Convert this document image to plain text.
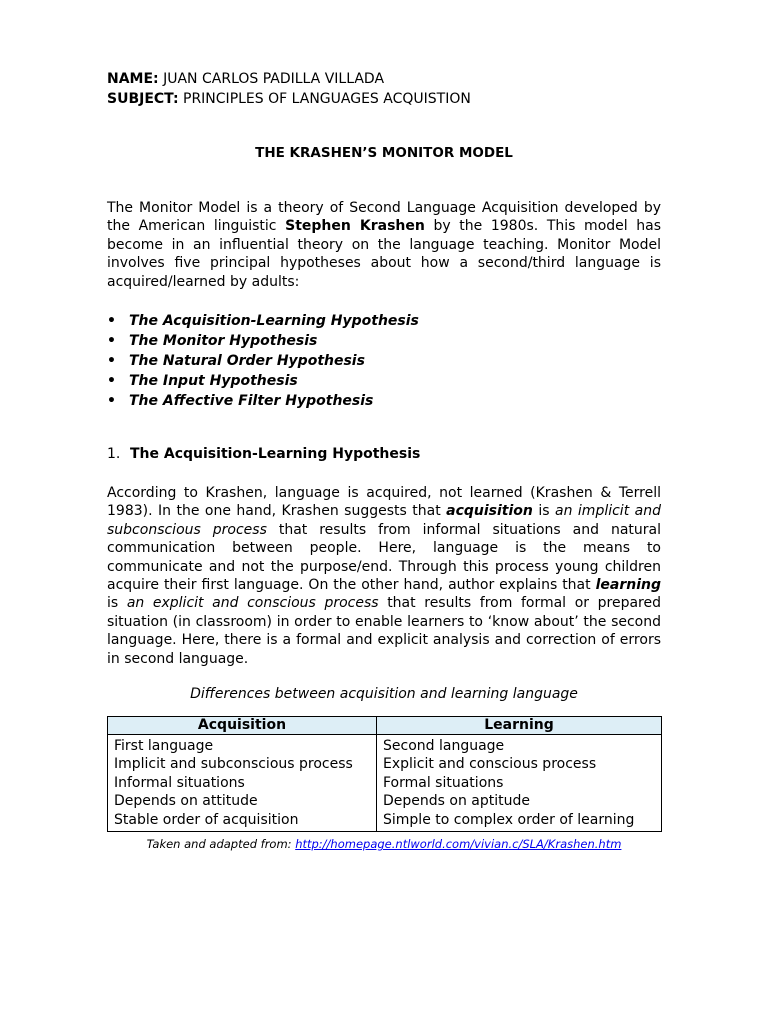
NAME: JUAN CARLOS PADILLA VILLADA
SUBJECT: PRINCIPLES OF LANGUAGES ACQUISTION
THE KRASHEN’S MONITOR MODEL

The Monitor Model is a theory of Second Language Acquisition developed by the American linguistic Stephen Krashen by the 1980s. This model has become in an influential theory on the language teaching. Monitor Model involves five principal hypotheses about how a second/third language is acquired/learned by adults:

• The Acquisition-Learning Hypothesis
• The Monitor Hypothesis
• The Natural Order Hypothesis
• The Input Hypothesis
• The Affective Filter Hypothesis
1. The Acquisition-Learning Hypothesis

According to Krashen, language is acquired, not learned (Krashen & Terrell 1983). In the one hand, Krashen suggests that acquisition is an implicit and subconscious process that results from informal situations and natural communication between people. Here, language is the means to communicate and not the purpose/end. Through this process young children acquire their first language. On the other hand, author explains that learning is an explicit and conscious process that results from formal or prepared situation (in classroom) in order to enable learners to ‘know about’ the second language. Here, there is a formal and explicit analysis and correction of errors in second language.

Differences between acquisition and learning language
Acquisition	Learning
First language	Second language
Implicit and subconscious process	Explicit and conscious process
Informal situations	Formal situations
Depends on attitude	Depends on aptitude
Stable order of acquisition	Simple to complex order of learning
Taken and adapted from: http://homepage.ntlworld.com/vivian.c/SLA/Krashen.htm
